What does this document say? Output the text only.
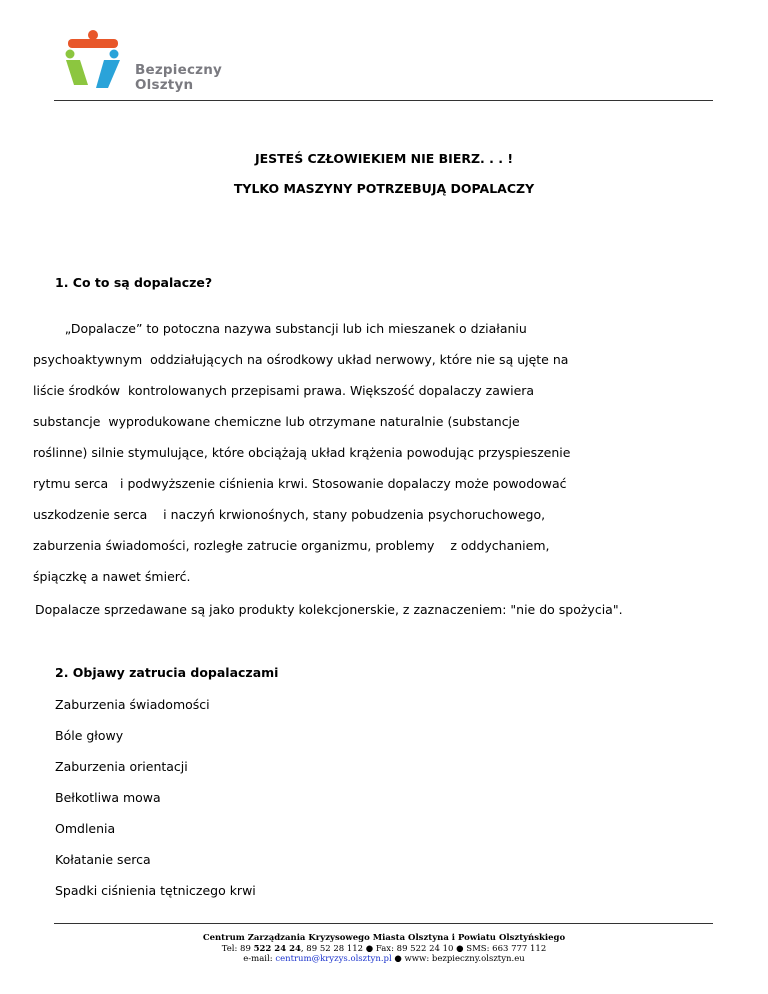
Bezpieczny
Olsztyn
JESTEŚ CZŁOWIEKIEM NIE BIERZ. . . !
TYLKO MASZYNY POTRZEBUJĄ DOPALACZY
1. Co to są dopalacze?
„Dopalacze” to potoczna nazywa substancji lub ich mieszanek o działaniu
psychoaktywnym  oddziałujących na ośrodkowy układ nerwowy, które nie są ujęte na
liście środków  kontrolowanych przepisami prawa. Większość dopalaczy zawiera
substancje  wyprodukowane chemiczne lub otrzymane naturalnie (substancje
roślinne) silnie stymulujące, które obciążają układ krążenia powodując przyspieszenie
rytmu serca   i podwyższenie ciśnienia krwi. Stosowanie dopalaczy może powodować
uszkodzenie serca    i naczyń krwionośnych, stany pobudzenia psychoruchowego,
zaburzenia świadomości, rozległe zatrucie organizmu, problemy    z oddychaniem,
śpiączkę a nawet śmierć.
Dopalacze sprzedawane są jako produkty kolekcjonerskie, z zaznaczeniem: "nie do spożycia".
2. Objawy zatrucia dopalaczami
Zaburzenia świadomości
Bóle głowy
Zaburzenia orientacji
Bełkotliwa mowa
Omdlenia
Kołatanie serca
Spadki ciśnienia tętniczego krwi
Centrum Zarządzania Kryzysowego Miasta Olsztyna i Powiatu Olsztyńskiego
Tel: 89 522 24 24, 89 52 28 112 ● Fax: 89 522 24 10 ● SMS: 663 777 112
e-mail: centrum@kryzys.olsztyn.pl ● www: bezpieczny.olsztyn.eu
